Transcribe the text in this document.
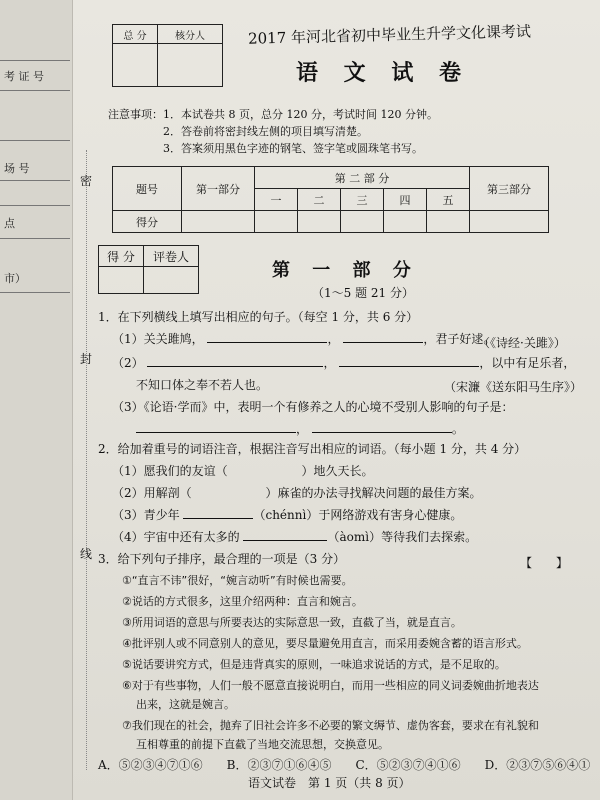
考 证 号
场 号
点
市）
密
封
线
总 分	核分人
		2017 年河北省初中毕业生升学文化课考试
语 文 试 卷
注意事项：1．本试卷共 8 页，总分 120 分，考试时间 120 分钟。
2．答卷前将密封线左侧的项目填写清楚。
3．答案须用黑色字迹的钢笔、签字笔或圆珠笔书写。
题号	第一部分	第 二 部 分					第三部分
		一	二	三	四	五	
得分							
得 分	评卷人

第 一 部 分
（1～5 题 21 分）
1．在下列横线上填写出相应的句子。（每空 1 分，共 6 分）
（1）关关雎鸠，	，	，君子好逑。
（《诗经·关雎》）
（2）	，	，以中有足乐者，
不知口体之奉不若人也。	（宋濂《送东阳马生序》）
（3）《论语·学而》中，表明一个有修养之人的心境不受别人影响的句子是：
，	。
2．给加着重号的词语注音，根据注音写出相应的词语。（每小题 1 分，共 4 分）
（1）愿我们的友谊（	）地久天长。
（2）用解剖（	）麻雀的办法寻找解决问题的最佳方案。
（3）青少年	（chénnì）于网络游戏有害身心健康。
（4）宇宙中还有太多的	（àomì）等待我们去探索。
3．给下列句子排序，最合理的一项是（3 分）	【　　】
①“直言不讳”很好，“婉言动听”有时候也需要。
②说话的方式很多，这里介绍两种：直言和婉言。
③所用词语的意思与所要表达的实际意思一致，直截了当，就是直言。
④批评别人或不同意别人的意见，要尽量避免用直言，而采用委婉含蓄的语言形式。
⑤说话要讲究方式，但是违背真实的原则，一味追求说话的方式，是不足取的。
⑥对于有些事物，人们一般不愿意直接说明白，而用一些相应的同义词委婉曲折地表达
出来，这就是婉言。
⑦我们现在的社会，抛弃了旧社会许多不必要的繁文缛节、虚伪客套，要求在有礼貌和
互相尊重的前提下直截了当地交流思想，交换意见。
A．⑤②③④⑦①⑥　　B．②③⑦①⑥④⑤　　C．⑤②③⑦④①⑥　　D．②③⑦⑤⑥④①
语文试卷　第 1 页（共 8 页）
